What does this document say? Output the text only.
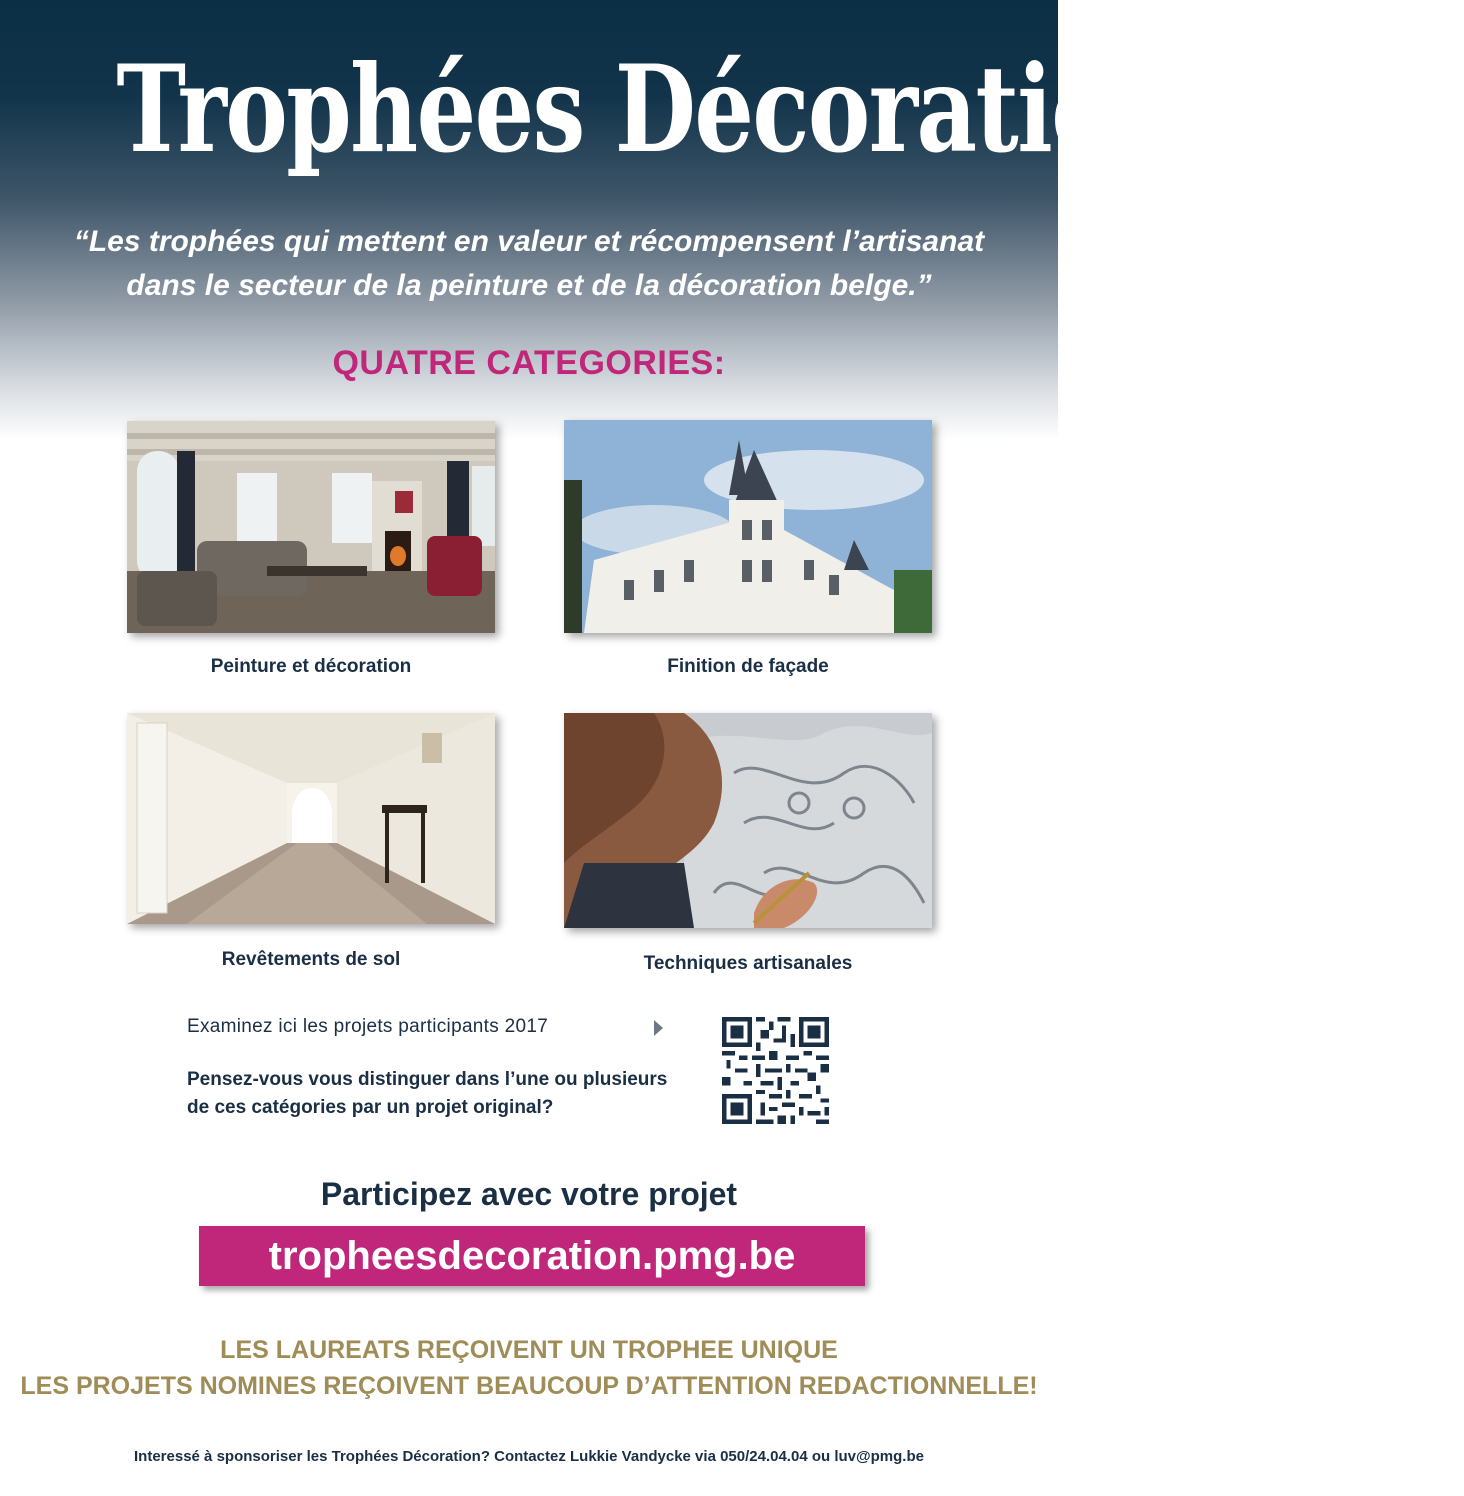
Trophées Décoration 2018
“Les trophées qui mettent en valeur et récompensent l’artisanat
dans le secteur de la peinture et de la décoration belge.”
QUATRE CATEGORIES:
Peinture et décoration	Finition de façade
Revêtements de sol	Techniques artisanales
Examinez ici les projets participants 2017
Pensez-vous vous distinguer dans l’une ou plusieurs
de ces catégories par un projet original?
Participez avec votre projet
tropheesdecoration.pmg.be
LES LAUREATS REÇOIVENT UN TROPHEE UNIQUE
LES PROJETS NOMINES REÇOIVENT BEAUCOUP D’ATTENTION REDACTIONNELLE!
Interessé à sponsoriser les Trophées Décoration? Contactez Lukkie Vandycke via 050/24.04.04 ou luv@pmg.be
